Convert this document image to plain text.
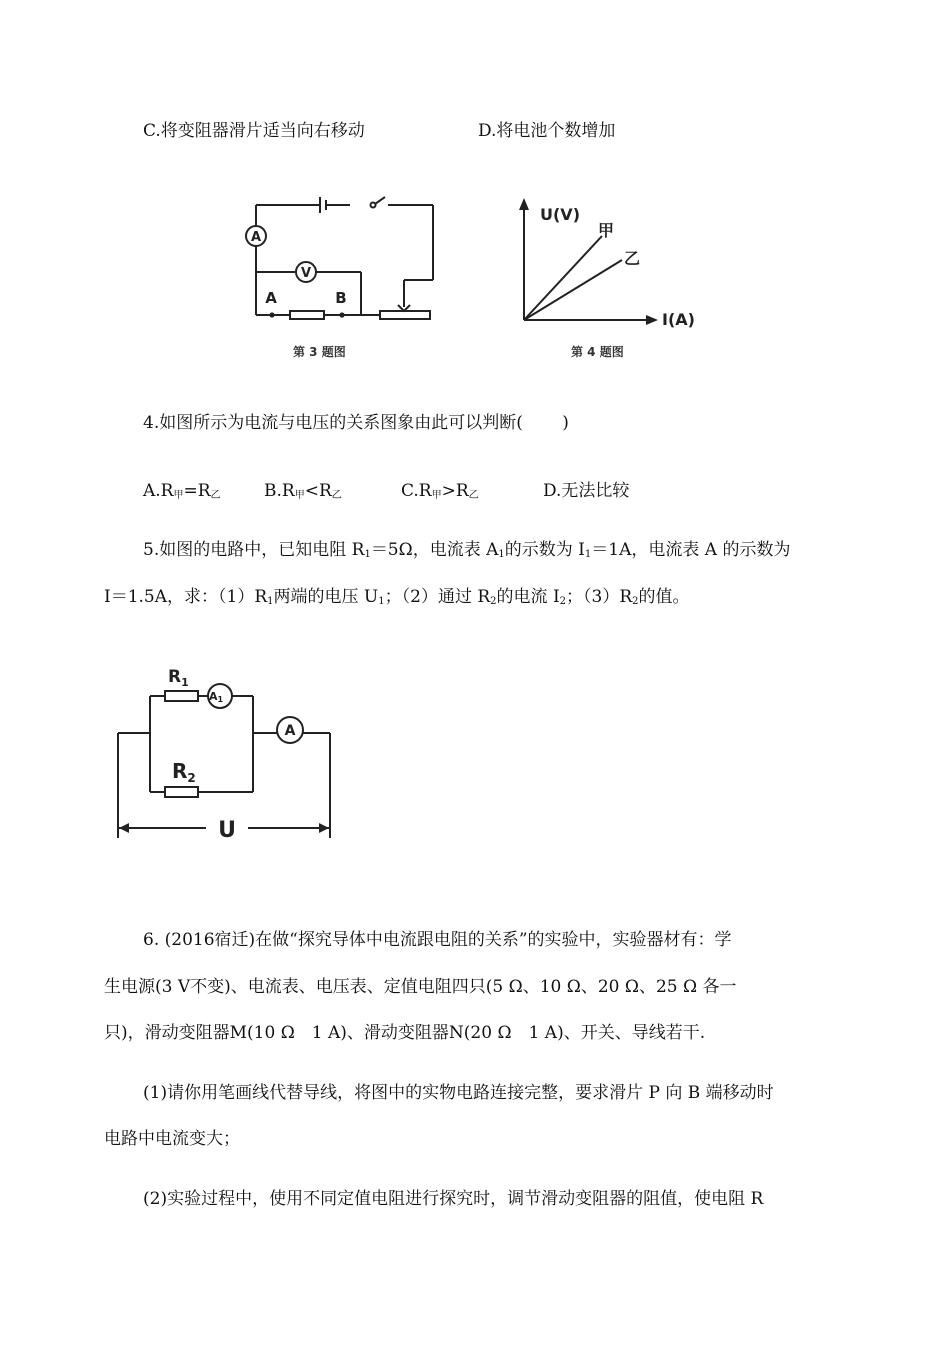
C.将变阻器滑片适当向右移动	D.将电池个数增加
A
V
A	B
第 3 题图
U(V)
I(A)
甲
乙
第 4 题图
4.如图所示为电流与电压的关系图象由此可以判断(　　 )
$A.R_甲=R_乙$	$B.R_甲<R_乙$	$C.R_甲>R_乙$	D.无法比较
5.如图的电路中，已知电阻 $R_1=5\Omega$，电流表 $A_1$的示数为 $I_1=1A$，电流表 A 的示数为
I＝1.5A，求：$(1)R_1$两端的电压 $U_1$；（2）通过 $R_2$的电流 $I_2$；$(3)R_2$的值。
$R_1$
A1
$R_2$
A
U
6. (2016宿迁)在做“探究导体中电流跟电阻的关系”的实验中，实验器材有：学
生电源(3 V不变)、电流表、电压表、定值电阻四只(5 Ω、10 Ω、20 Ω、25 Ω 各一
只)，滑动变阻器M(10 Ω　1 A)、滑动变阻器N(20 Ω　1 A)、开关、导线若干.
(1)请你用笔画线代替导线，将图中的实物电路连接完整，要求滑片 P 向 B 端移动时
电路中电流变大；
(2)实验过程中，使用不同定值电阻进行探究时，调节滑动变阻器的阻值，使电阻 R
